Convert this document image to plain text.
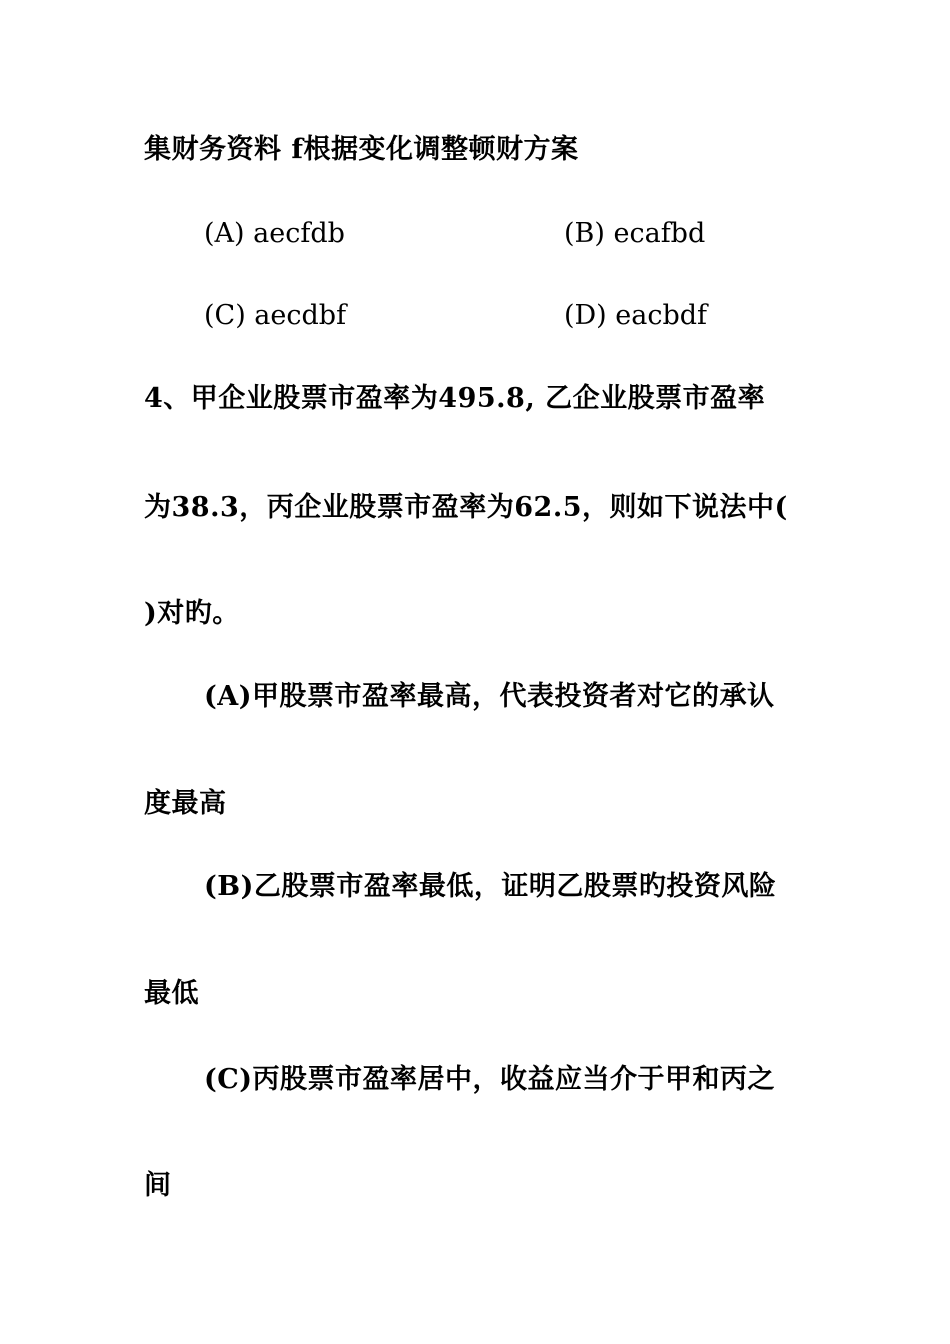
集财务资料 f根据变化调整顿财方案
(A) aecfdb	(B) ecafbd
(C) aecdbf	(D) eacbdf
4、甲企业股票市盈率为495.8, 乙企业股票市盈率
为38.3，丙企业股票市盈率为62.5，则如下说法中(
)对旳。
(A)甲股票市盈率最高，代表投资者对它的承认
度最高
(B)乙股票市盈率最低，证明乙股票旳投资风险
最低
(C)丙股票市盈率居中，收益应当介于甲和丙之
间
